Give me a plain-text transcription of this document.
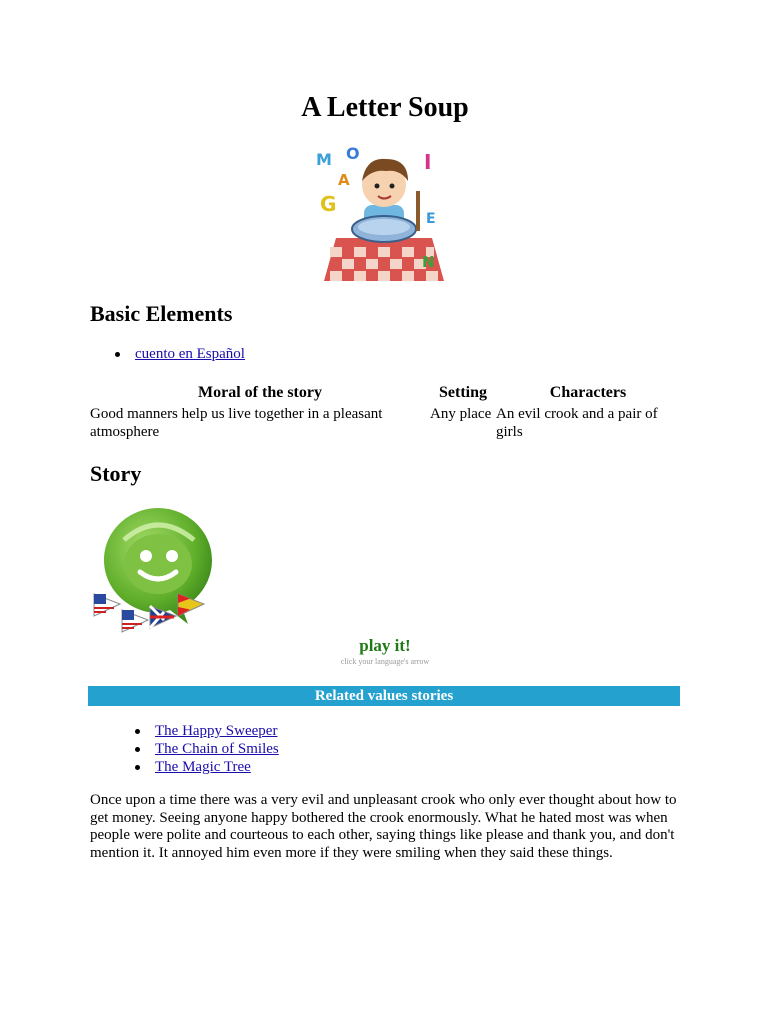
A Letter Soup
M	I
O
A
G
N
E
Basic Elements
cuento en Español
Moral of the story	Setting	Characters
Good manners help us live together in a pleasant atmosphere	Any place	An evil crook and a pair of girls
Story
play it!
click your language's arrow
Related values stories
The Happy Sweeper
The Chain of Smiles
The Magic Tree

Once upon a time there was a very evil and unpleasant crook who only ever thought about how to get money. Seeing anyone happy bothered the crook enormously. What he hated most was when people were polite and courteous to each other, saying things like please and thank you, and don't mention it. It annoyed him even more if they were smiling when they said these things.
